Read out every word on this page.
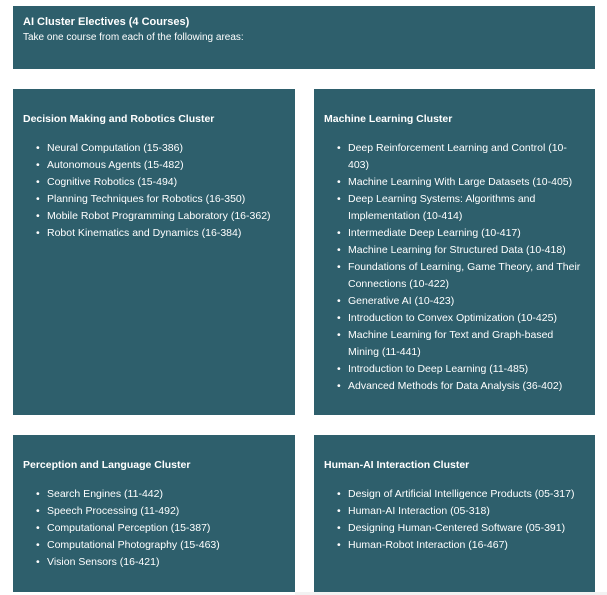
AI Cluster Electives (4 Courses)
Take one course from each of the following areas:
Decision Making and Robotics Cluster
• Neural Computation (15-386)
• Autonomous Agents (15-482)
• Cognitive Robotics (15-494)
• Planning Techniques for Robotics (16-350)
• Mobile Robot Programming Laboratory (16-362)
• Robot Kinematics and Dynamics (16-384)
Machine Learning Cluster
• Deep Reinforcement Learning and Control (10-403)
• Machine Learning With Large Datasets (10-405)
• Deep Learning Systems: Algorithms and Implementation (10-414)
• Intermediate Deep Learning (10-417)
• Machine Learning for Structured Data (10-418)
• Foundations of Learning, Game Theory, and Their Connections (10-422)
• Generative AI (10-423)
• Introduction to Convex Optimization (10-425)
• Machine Learning for Text and Graph-based Mining (11-441)
• Introduction to Deep Learning (11-485)
• Advanced Methods for Data Analysis (36-402)
Perception and Language Cluster
• Search Engines (11-442)
• Speech Processing (11-492)
• Computational Perception (15-387)
• Computational Photography (15-463)
• Vision Sensors (16-421)
Human-AI Interaction Cluster
• Design of Artificial Intelligence Products (05-317)
• Human-AI Interaction (05-318)
• Designing Human-Centered Software (05-391)
• Human-Robot Interaction (16-467)
